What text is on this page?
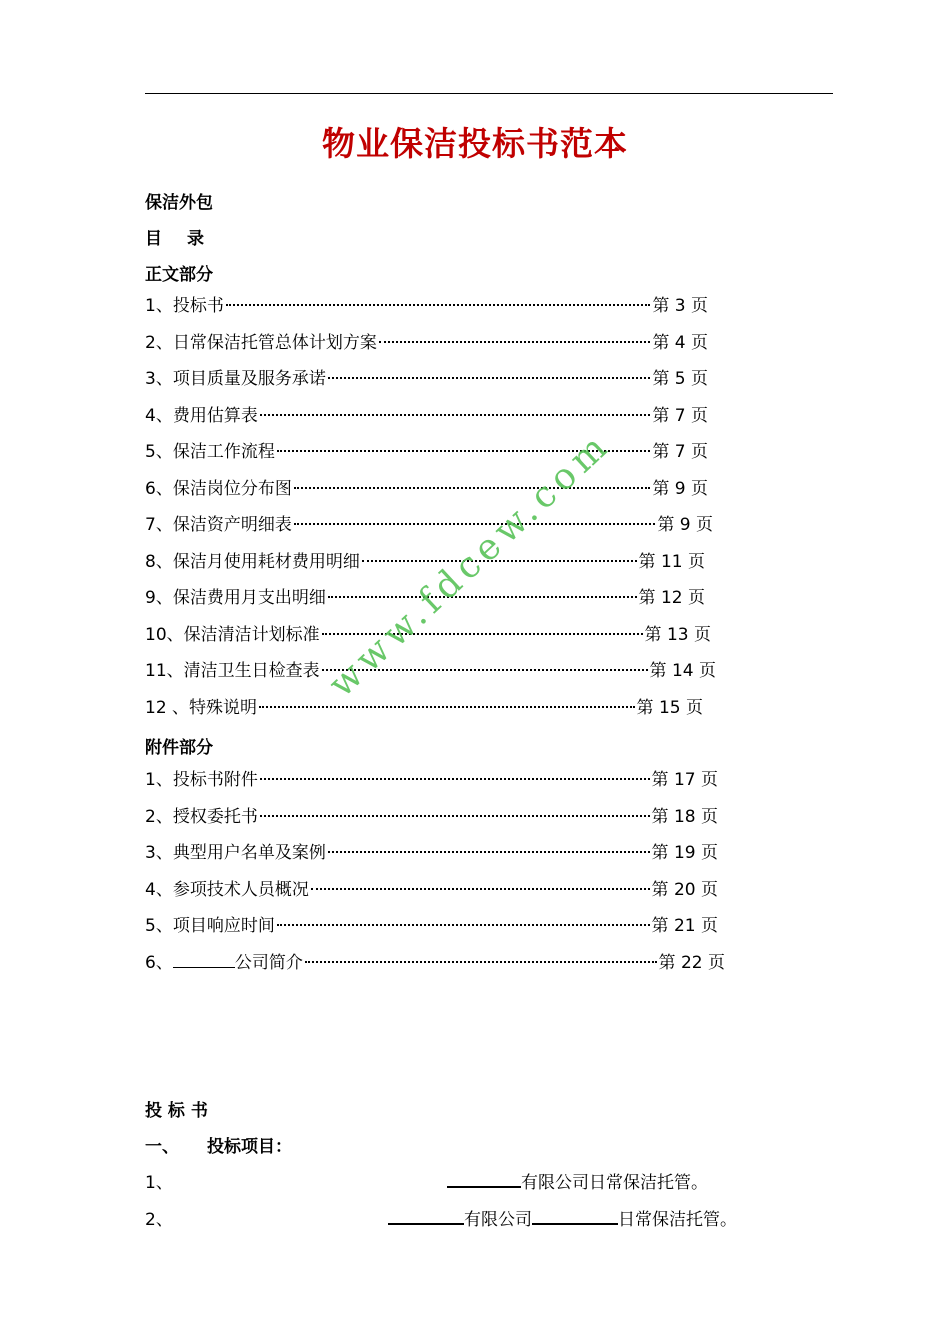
物业保洁投标书范本
保洁外包
目　录
正文部分
1、投标书	第 3 页
2、日常保洁托管总体计划方案	第 4 页
3、项目质量及服务承诺	第 5 页
4、费用估算表	第 7 页
5、保洁工作流程	第 7 页
6、保洁岗位分布图	第 9 页
7、保洁资产明细表	第 9 页
8、保洁月使用耗材费用明细	第 11 页
9、保洁费用月支出明细	第 12 页
10、保洁清洁计划标准	第 13 页
11、清洁卫生日检查表	第 14 页
12 、特殊说明	第 15 页
附件部分
1、投标书附件	第 17 页
2、授权委托书	第 18 页
3、典型用户名单及案例	第 19 页
4、参项技术人员概况	第 20 页
5、项目响应时间	第 21 页
6、	公司简介	第 22 页
投 标 书
一、 投标项目：
1、	有限公司日常保洁托管。
2、	有限公司	日常保洁托管。
www.fdcew.com
